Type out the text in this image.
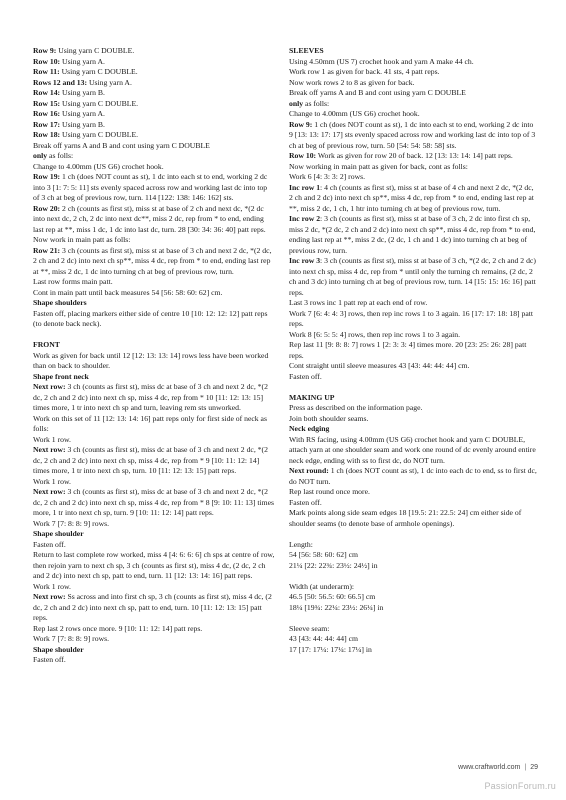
Row 9: Using yarn C DOUBLE.

Row 10: Using yarn A.

Row 11: Using yarn C DOUBLE.

Rows 12 and 13: Using yarn A.

Row 14: Using yarn B.

Row 15: Using yarn C DOUBLE.

Row 16: Using yarn A.

Row 17: Using yarn B.

Row 18: Using yarn C DOUBLE.

Break off yarns A and B and cont using yarn C DOUBLE

only as folls:

Change to 4.00mm (US G6) crochet hook.

Row 19: 1 ch (does NOT count as st), 1 dc into each st to end, working 2 dc into 3 [1: 7: 5: 11] sts evenly spaced across row and working last dc into top of 3 ch at beg of previous row, turn. 114 [122: 138: 146: 162] sts.

Row 20: 2 ch (counts as first st), miss st at base of 2 ch and next dc, *(2 dc into next dc, 2 ch, 2 dc into next dc**, miss 2 dc, rep from * to end, ending last rep at **, miss 1 dc, 1 dc into last dc, turn. 28 [30: 34: 36: 40] patt reps.

Now work in main patt as folls:

Row 21: 3 ch (counts as first st), miss st at base of 3 ch and next 2 dc, *(2 dc, 2 ch and 2 dc) into next ch sp**, miss 4 dc, rep from * to end, ending last rep at **, miss 2 dc, 1 dc into turning ch at beg of previous row, turn.

Last row forms main patt.

Cont in main patt until back measures 54 [56: 58: 60: 62] cm.

Shape shoulders

Fasten off, placing markers either side of centre 10 [10: 12: 12: 12] patt reps (to denote back neck).

FRONT

Work as given for back until 12 [12: 13: 13: 14] rows less have been worked than on back to shoulder.

Shape front neck

Next row: 3 ch (counts as first st), miss dc at base of 3 ch and next 2 dc, *(2 dc, 2 ch and 2 dc) into next ch sp, miss 4 dc, rep from * 10 [11: 12: 13: 15] times more, 1 tr into next ch sp and turn, leaving rem sts unworked.

Work on this set of 11 [12: 13: 14: 16] patt reps only for first side of neck as folls:

Work 1 row.

Next row: 3 ch (counts as first st), miss dc at base of 3 ch and next 2 dc, *(2 dc, 2 ch and 2 dc) into next ch sp, miss 4 dc, rep from * 9 [10: 11: 12: 14] times more, 1 tr into next ch sp, turn. 10 [11: 12: 13: 15] patt reps.

Work 1 row.

Next row: 3 ch (counts as first st), miss dc at base of 3 ch and next 2 dc, *(2 dc, 2 ch and 2 dc) into next ch sp, miss 4 dc, rep from * 8 [9: 10: 11: 13] times more, 1 tr into next ch sp, turn. 9 [10: 11: 12: 14] patt reps.

Work 7 [7: 8: 8: 9] rows.

Shape shoulder

Fasten off.

Return to last complete row worked, miss 4 [4: 6: 6: 6] ch sps at centre of row, then rejoin yarn to next ch sp, 3 ch (counts as first st), miss 4 dc, (2 dc, 2 ch and 2 dc) into next ch sp, patt to end, turn. 11 [12: 13: 14: 16] patt reps.

Work 1 row.

Next row: Ss across and into first ch sp, 3 ch (counts as first st), miss 4 dc, (2 dc, 2 ch and 2 dc) into next ch sp, patt to end, turn. 10 [11: 12: 13: 15] patt reps.

Rep last 2 rows once more. 9 [10: 11: 12: 14] patt reps.

Work 7 [7: 8: 8: 9] rows.

Shape shoulder

Fasten off.

SLEEVES

Using 4.50mm (US 7) crochet hook and yarn A make 44 ch.

Work row 1 as given for back. 41 sts, 4 patt reps.

Now work rows 2 to 8 as given for back.

Break off yarns A and B and cont using yarn C DOUBLE

only as folls:

Change to 4.00mm (US G6) crochet hook.

Row 9: 1 ch (does NOT count as st), 1 dc into each st to end, working 2 dc into 9 [13: 13: 17: 17] sts evenly spaced across row and working last dc into top of 3 ch at beg of previous row, turn. 50 [54: 54: 58: 58] sts.

Row 10: Work as given for row 20 of back. 12 [13: 13: 14: 14] patt reps.

Now working in main patt as given for back, cont as folls:

Work 6 [4: 3: 3: 2] rows.

Inc row 1: 4 ch (counts as first st), miss st at base of 4 ch and next 2 dc, *(2 dc, 2 ch and 2 dc) into next ch sp**, miss 4 dc, rep from * to end, ending last rep at **, miss 2 dc, 1 ch, 1 htr into turning ch at beg of previous row, turn.

Inc row 2: 3 ch (counts as first st), miss st at base of 3 ch, 2 dc into first ch sp, miss 2 dc, *(2 dc, 2 ch and 2 dc) into next ch sp**, miss 4 dc, rep from * to end, ending last rep at **, miss 2 dc, (2 dc, 1 ch and 1 dc) into turning ch at beg of previous row, turn.

Inc row 3: 3 ch (counts as first st), miss st at base of 3 ch, *(2 dc, 2 ch and 2 dc) into next ch sp, miss 4 dc, rep from * until only the turning ch remains, (2 dc, 2 ch and 3 dc) into turning ch at beg of previous row, turn. 14 [15: 15: 16: 16] patt reps.

Last 3 rows inc 1 patt rep at each end of row.

Work 7 [6: 4: 4: 3] rows, then rep inc rows 1 to 3 again. 16 [17: 17: 18: 18] patt reps.

Work 8 [6: 5: 5: 4] rows, then rep inc rows 1 to 3 again.

Rep last 11 [9: 8: 8: 7] rows 1 [2: 3: 3: 4] times more. 20 [23: 25: 26: 28] patt reps.

Cont straight until sleeve measures 43 [43: 44: 44: 44] cm.

Fasten off.

MAKING UP

Press as described on the information page.

Join both shoulder seams.

Neck edging

With RS facing, using 4.00mm (US G6) crochet hook and yarn C DOUBLE, attach yarn at one shoulder seam and work one round of dc evenly around entire neck edge, ending with ss to first dc, do NOT turn.

Next round: 1 ch (does NOT count as st), 1 dc into each dc to end, ss to first dc, do NOT turn.

Rep last round once more.

Fasten off.

Mark points along side seam edges 18 [19.5: 21: 22.5: 24] cm either side of shoulder seams (to denote base of armhole openings).

Length:

54 [56: 58: 60: 62] cm

21¼ [22: 22¾: 23½: 24½] in

Width (at underarm):

46.5 [50: 56.5: 60: 66.5] cm

18¼ [19¾: 22¼: 23½: 26¼] in

Sleeve seam:

43 [43: 44: 44: 44] cm

17 [17: 17¼: 17¼: 17¼] in

www.craftworld.com | 29
PassionForum.ru
